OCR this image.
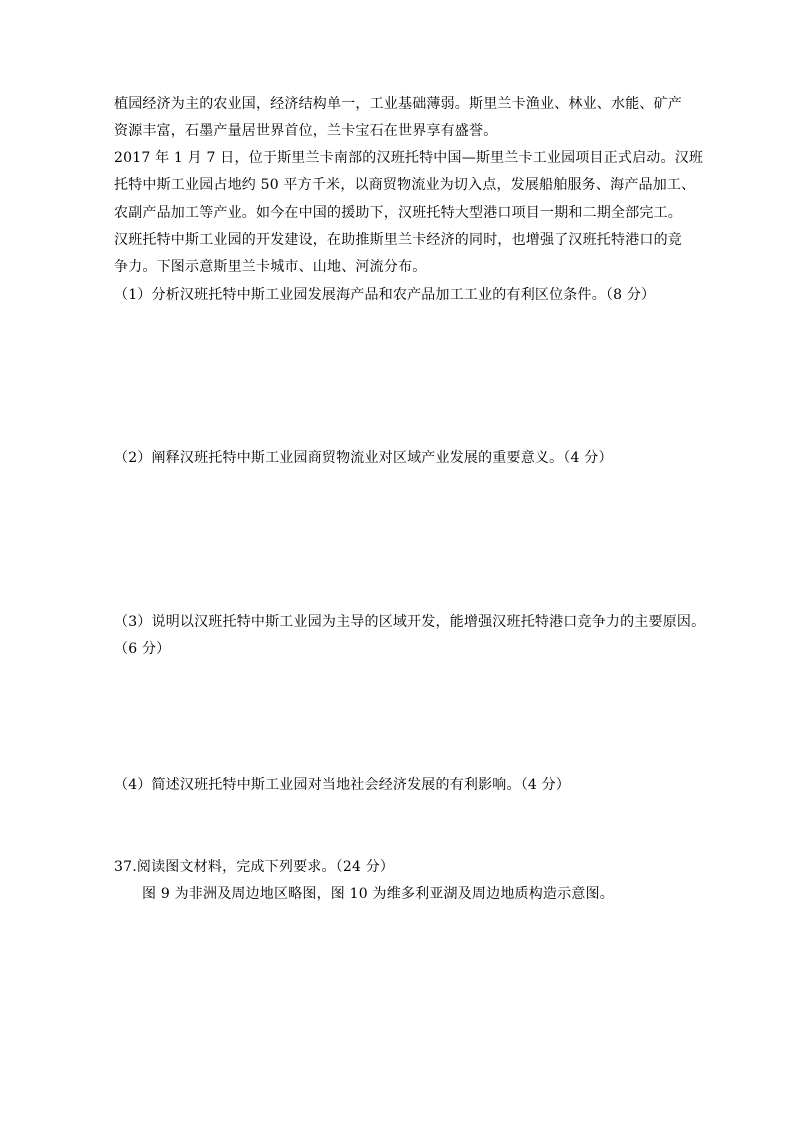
植园经济为主的农业国，经济结构单一，工业基础薄弱。斯里兰卡渔业、林业、水能、矿产
资源丰富，石墨产量居世界首位，兰卡宝石在世界享有盛誉。
2017 年 1 月 7 日，位于斯里兰卡南部的汉班托特中国—斯里兰卡工业园项目正式启动。汉班
托特中斯工业园占地约 50 平方千米，以商贸物流业为切入点，发展船舶服务、海产品加工、
农副产品加工等产业。如今在中国的援助下，汉班托特大型港口项目一期和二期全部完工。
汉班托特中斯工业园的开发建设，在助推斯里兰卡经济的同时，也增强了汉班托特港口的竞
争力。下图示意斯里兰卡城市、山地、河流分布。
（1）分析汉班托特中斯工业园发展海产品和农产品加工工业的有利区位条件。（8 分）
（2）阐释汉班托特中斯工业园商贸物流业对区域产业发展的重要意义。（4 分）
（3）说明以汉班托特中斯工业园为主导的区域开发，能增强汉班托特港口竞争力的主要原因。
（6 分）
（4）简述汉班托特中斯工业园对当地社会经济发展的有利影响。（4 分）
37.阅读图文材料，完成下列要求。（24 分）
图 9 为非洲及周边地区略图，图 10 为维多利亚湖及周边地质构造示意图。
